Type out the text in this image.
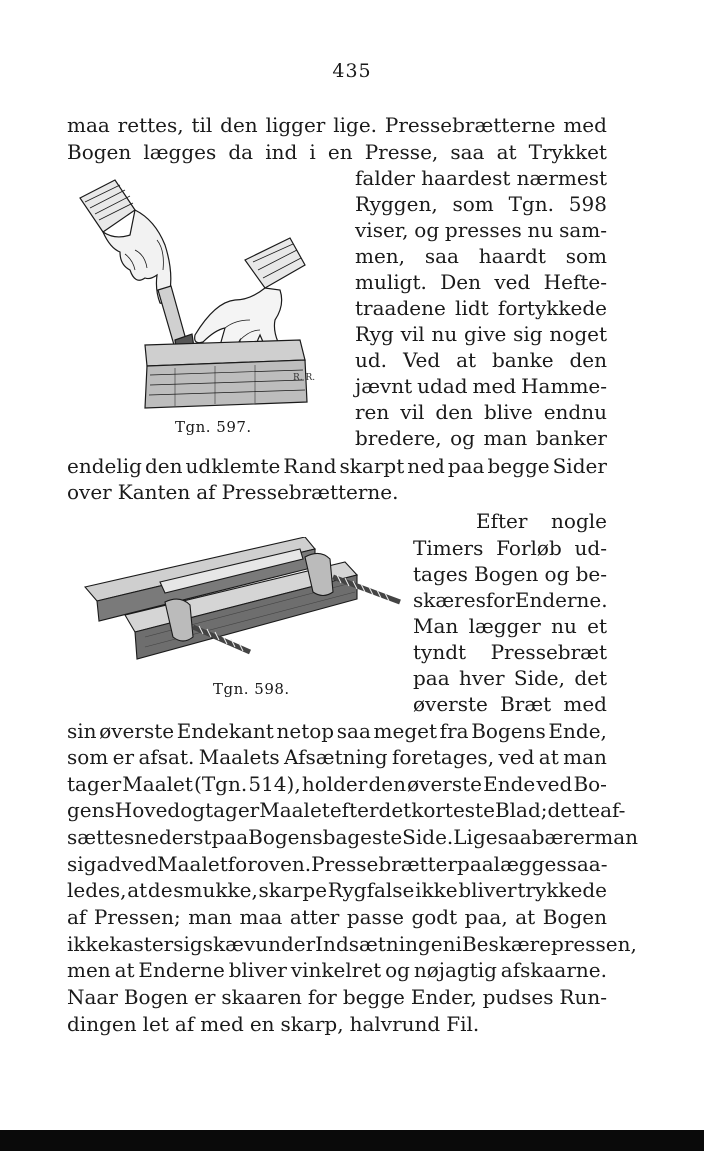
435
R. R.
Tgn. 597.
Tgn. 598.
maa rettes, til den ligger lige. Pressebrætterne med
Bogen lægges da ind i en Presse, saa at Trykket
falder haardest nærmest
Ryggen, som Tgn. 598
viser, og presses nu sam-
men, saa haardt som
muligt. Den ved Hefte-
traadene lidt fortykkede
Ryg vil nu give sig noget
ud. Ved at banke den
jævnt udad med Hamme-
ren vil den blive endnu
bredere, og man banker
endelig den udklemte Rand skarpt ned paa begge Sider
over Kanten af Pressebrætterne.
Efter nogle
Timers Forløb ud-
tages Bogen og be-
skæres for Enderne.
Man lægger nu et
tyndt Pressebræt
paa hver Side, det
øverste Bræt med
sin øverste Endekant netop saa meget fra Bogens Ende,
som er afsat. Maalets Afsætning foretages, ved at man
tager Maalet (Tgn. 514), holder den øverste Ende ved Bo-
gens Hoved og tager Maalet efter det korteste Blad; dette af-
sættes nederst paa Bogens bageste Side. Ligesaa bærer man
sig ad ved Maalet foroven. Pressebrætter paalægges saa-
ledes, at de smukke, skarpe Rygfalse ikke bliver trykkede
af Pressen; man maa atter passe godt paa, at Bogen
ikke kaster sig skæv under Indsætningen i Beskærepressen,
men at Enderne bliver vinkelret og nøjagtig afskaarne.
Naar Bogen er skaaren for begge Ender, pudses Run-
dingen let af med en skarp, halvrund Fil.
